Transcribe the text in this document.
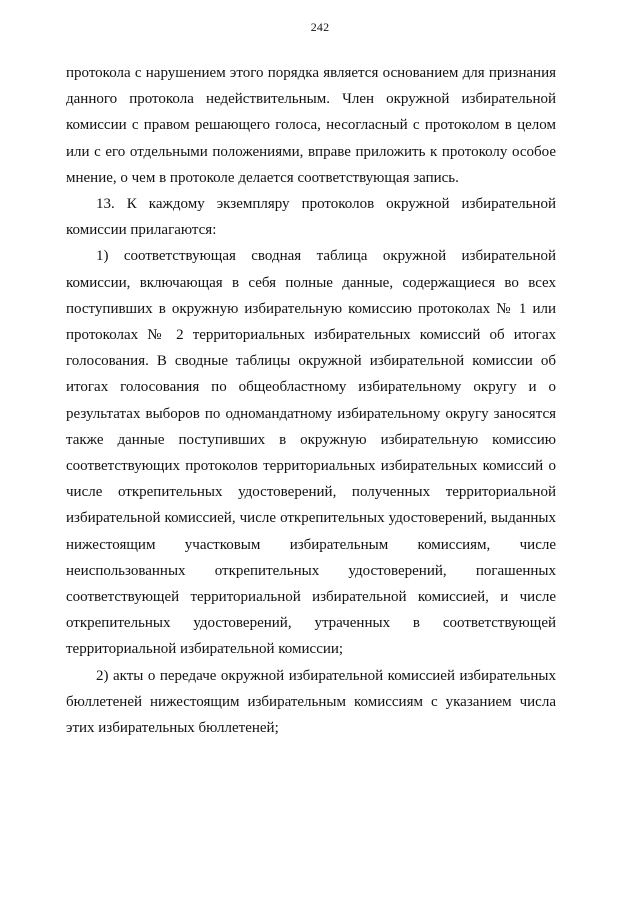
242

протокола с нарушением этого порядка является основанием для признания данного протокола недействительным. Член окружной избирательной комиссии с правом решающего голоса, несогласный с протоколом в целом или с его отдельными положениями, вправе приложить к протоколу особое мнение, о чем в протоколе делается соответствующая запись.

13. К каждому экземпляру протоколов окружной избирательной комиссии прилагаются:

1) соответствующая сводная таблица окружной избирательной комиссии, включающая в себя полные данные, содержащиеся во всех поступивших в окружную избирательную комиссию протоколах № 1 или протоколах № 2 территориальных избирательных комиссий об итогах голосования. В сводные таблицы окружной избирательной комиссии об итогах голосования по общеобластному избирательному округу и о результатах выборов по одномандатному избирательному округу заносятся также данные поступивших в окружную избирательную комиссию соответствующих протоколов территориальных избирательных комиссий о числе открепительных удостоверений, полученных территориальной избирательной комиссией, числе открепительных удостоверений, выданных нижестоящим участковым избирательным комиссиям, числе неиспользованных открепительных удостоверений, погашенных соответствующей территориальной избирательной комиссией, и числе открепительных удостоверений, утраченных в соответствующей территориальной избирательной комиссии;

2) акты о передаче окружной избирательной комиссией избирательных бюллетеней нижестоящим избирательным комиссиям с указанием числа этих избирательных бюллетеней;
